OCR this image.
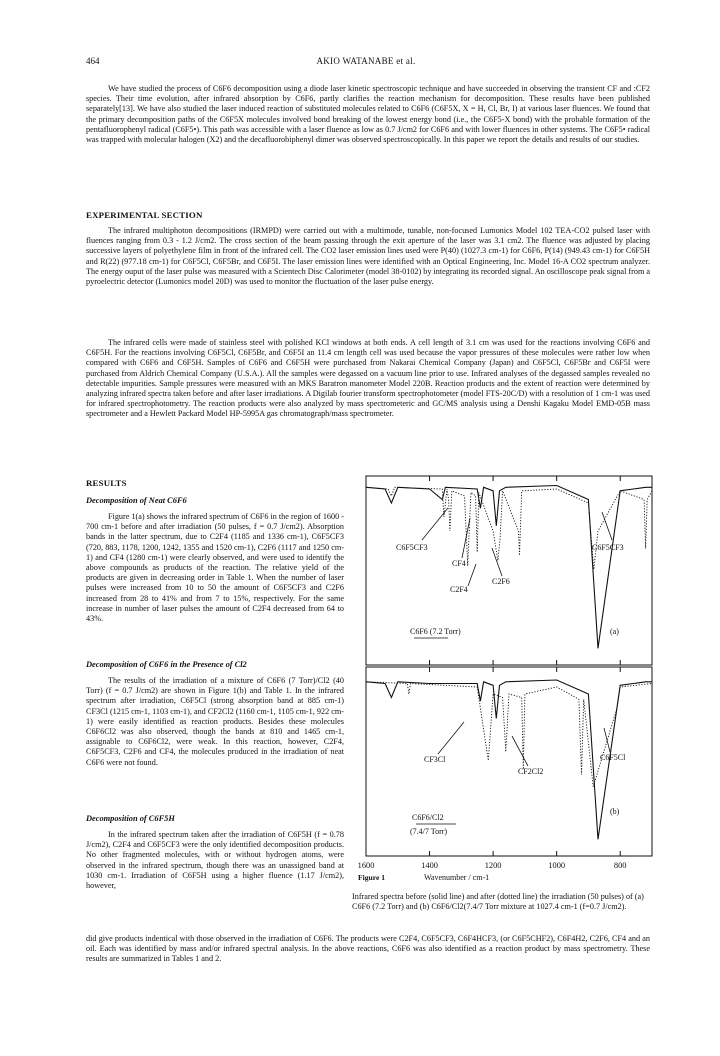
464	AKIO WATANABE et al.

We have studied the process of C6F6 decomposition using a diode laser kinetic spectroscopic technique and have succeeded in observing the transient CF and :CF2 species. Their time evolution, after infrared absorption by C6F6, partly clarifies the reaction mechanism for decomposition. These results have been published separately[13]. We have also studied the laser induced reaction of substituted molecules related to C6F6 (C6F5X, X = H, Cl, Br, I) at various laser fluences. We found that the primary decomposition paths of the C6F5X molecules involved bond breaking of the lowest energy bond (i.e., the C6F5-X bond) with the probable formation of the pentafluorophenyl radical (C6F5•). This path was accessible with a laser fluence as low as 0.7 J/cm2 for C6F6 and with lower fluences in other systems. The C6F5• radical was trapped with molecular halogen (X2) and the decafluorobiphenyl dimer was observed spectroscopically. In this paper we report the details and results of our studies.

EXPERIMENTAL SECTION

The infrared multiphoton decompositions (IRMPD) were carried out with a multimode, tunable, non-focused Lumonics Model 102 TEA-CO2 pulsed laser with fluences ranging from 0.3 - 1.2 J/cm2. The cross section of the beam passing through the exit aperture of the laser was 3.1 cm2. The fluence was adjusted by placing successive layers of polyethylene film in front of the infrared cell. The CO2 laser emission lines used were P(40) (1027.3 cm-1) for C6F6, P(14) (949.43 cm-1) for C6F5H and R(22) (977.18 cm-1) for C6F5Cl, C6F5Br, and C6F5I. The laser emission lines were identified with an Optical Engineering, Inc. Model 16-A CO2 spectrum analyzer. The energy ouput of the laser pulse was measured with a Scientech Disc Calorimeter (model 38-0102) by integrating its recorded signal. An oscilloscope peak signal from a pyroelectric detector (Lumonics model 20D) was used to monitor the fluctuation of the laser pulse energy.

The infrared cells were made of stainless steel with polished KCl windows at both ends. A cell length of 3.1 cm was used for the reactions involving C6F6 and C6F5H. For the reactions involving C6F5Cl, C6F5Br, and C6F5I an 11.4 cm length cell was used because the vapor pressures of these molecules were rather low when compared with C6F6 and C6F5H. Samples of C6F6 and C6F5H were purchased from Nakarai Chemical Company (Japan) and C6F5Cl, C6F5Br and C6F5I were purchased from Aldrich Chemical Company (U.S.A.). All the samples were degassed on a vacuum line prior to use. Infrared analyses of the degassed samples revealed no detectable impurities. Sample pressures were measured with an MKS Baratron manometer Model 220B. Reaction products and the extent of reaction were determined by analyzing infrared spectra taken before and after laser irradiations. A Digilab fourier transform spectrophotometer (model FTS-20C/D) with a resolution of 1 cm-1 was used for infrared spectrophotometry. The reaction products were also analyzed by mass spectrometeric and GC/MS analysis using a Denshi Kagaku Model EMD-05B mass spectrometer and a Hewlett Packard Model HP-5995A gas chromatograph/mass spectrometer.

RESULTS
Decomposition of Neat C6F6

Figure 1(a) shows the infrared spectrum of C6F6 in the region of 1600 - 700 cm-1 before and after irradiation (50 pulses, f = 0.7 J/cm2). Absorption bands in the latter spectrum, due to C2F4 (1185 and 1336 cm-1), C6F5CF3 (720, 883, 1178, 1200, 1242, 1355 and 1520 cm-1), C2F6 (1117 and 1250 cm-1) and CF4 (1280 cm-1) were clearly observed, and were used to identify the above compounds as products of the reaction. The relative yield of the products are given in decreasing order in Table 1. When the number of laser pulses were increased from 10 to 50 the amount of C6F5CF3 and C2F6 increased from 28 to 41% and from 7 to 15%, respectively. For the same increase in number of laser pulses the amount of C2F4 decreased from 64 to 43%.

Decomposition of C6F6 in the Presence of Cl2

The results of the irradiation of a mixture of C6F6 (7 Torr)/Cl2 (40 Torr) (f = 0.7 J/cm2) are shown in Figure 1(b) and Table 1. In the infrared spectrum after irradiation, C6F5Cl (strong absorption band at 885 cm-1) CF3Cl (1215 cm-1, 1103 cm-1), and CF2Cl2 (1160 cm-1, 1105 cm-1, 922 cm-1) were easily identified as reaction products. Besides these molecules C6F6Cl2 was also observed, though the bands at 810 and 1465 cm-1, assignable to C6F6Cl2, were weak. In this reaction, however, C2F4, C6F5CF3, C2F6 and CF4, the molecules produced in the irradiation of neat C6F6 were not found.

Decomposition of C6F5H

In the infrared spectrum taken after the irradiation of C6F5H (f = 0.78 J/cm2), C2F4 and C6F5CF3 were the only identified decomposition products. No other fragmented molecules, with or without hydrogen atoms, were observed in the infrared spectrum, though there was an unassigned band at 1030 cm-1. Irradiation of C6F5H using a higher fluence (1.17 J/cm2), however,

did give products indentical with those observed in the irradiation of C6F6. The products were C2F4, C6F5CF3, C6F4HCF3, (or C6F5CHF2), C6F4H2, C2F6, CF4 and an oil. Each was identified by mass and/or infrared spectral analysis. In the above reactions, C6F6 was also identified as a reaction product by mass spectrometry. These results are summarized in Tables 1 and 2.

C6F5CF3
CF4
C6F5CF3
C2F4
C2F6
C6F6 (7.2 Torr)	(a)
CF3Cl
CF2Cl2
C6F5Cl
C6F6/Cl2
(7.4/7 Torr)
(b)
1600	1400	1200	1000	800
Figure 1	Wavenumber / cm-1

Infrared spectra before (solid line) and after (dotted line) the irradiation (50 pulses) of (a) C6F6 (7.2 Torr) and (b) C6F6/Cl2(7.4/7 Torr mixture at 1027.4 cm-1 (f=0.7 J/cm2).
